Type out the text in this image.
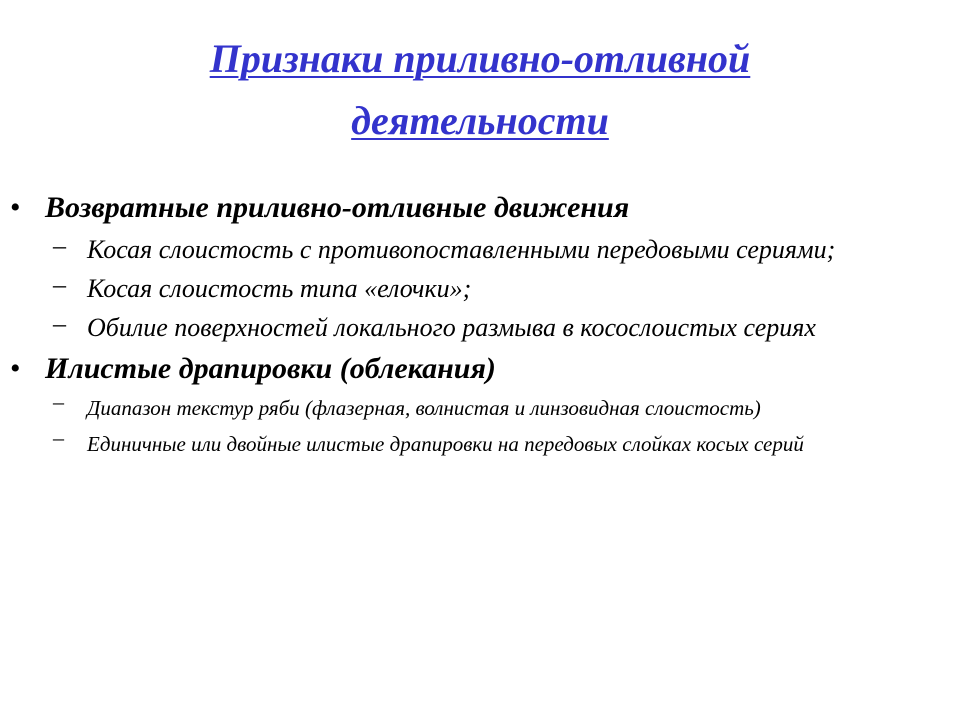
Признаки приливно-отливной
деятельности

• Возвратные приливно-отливные движения

– Косая слоистость с противопоставленными передовыми сериями;

– Косая слоистость типа «елочки»;

– Обилие поверхностей локального размыва в косослоистых сериях

• Илистые драпировки (облекания)

– Диапазон текстур ряби (флазерная, волнистая и линзовидная слоистость)

– Единичные или двойные илистые драпировки на передовых слойках косых серий
